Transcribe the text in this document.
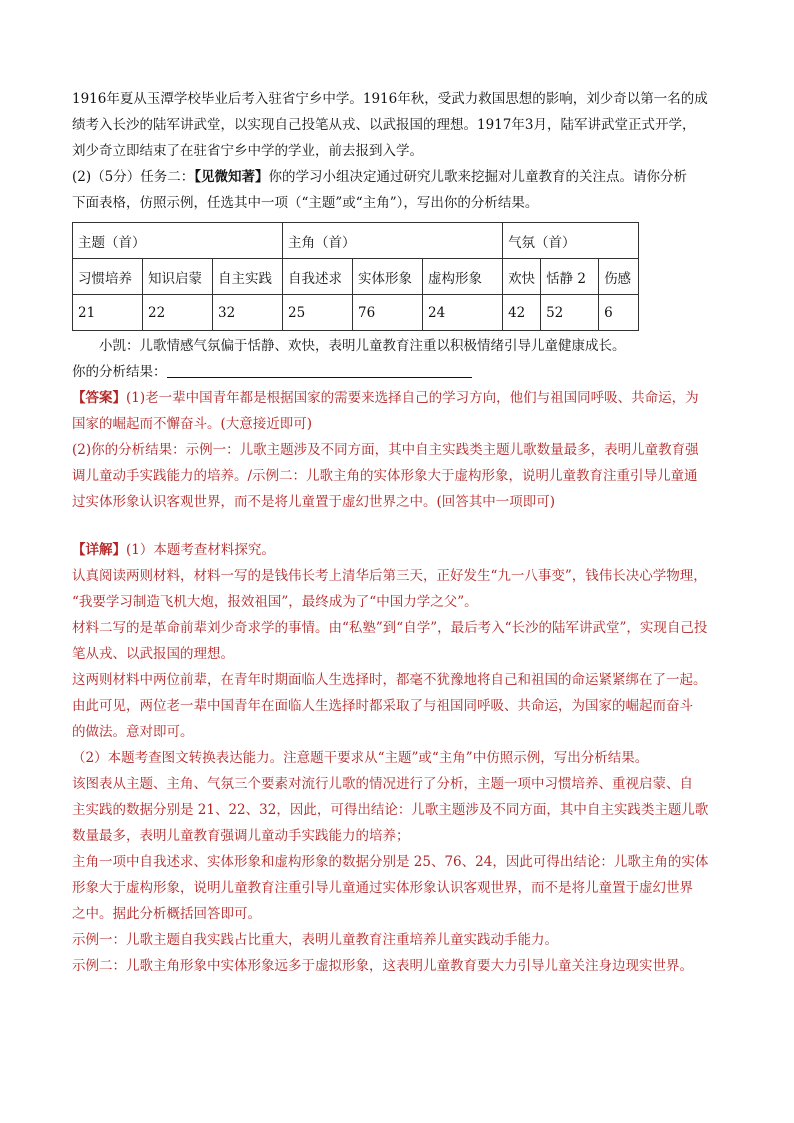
1916年夏从玉潭学校毕业后考入驻省宁乡中学。1916年秋，受武力救国思想的影响，刘少奇以第一名的成

绩考入长沙的陆军讲武堂，以实现自己投笔从戎、以武报国的理想。1917年3月，陆军讲武堂正式开学，

刘少奇立即结束了在驻省宁乡中学的学业，前去报到入学。

(2)（5分）任务二：【见微知著】你的学习小组决定通过研究儿歌来挖掘对儿童教育的关注点。请你分析

下面表格，仿照示例，任选其中一项（“主题”或“主角”），写出你的分析结果。

主题（首）			主角（首）			气氛（首）		
习惯培养	知识启蒙	自主实践	自我述求	实体形象	虚构形象	欢快	恬静 2	伤感
21	22	32	25	76	24	42	52	6

小凯：儿歌情感气氛偏于恬静、欢快，表明儿童教育注重以积极情绪引导儿童健康成长。

你的分析结果：

【答案】(1)老一辈中国青年都是根据国家的需要来选择自己的学习方向，他们与祖国同呼吸、共命运，为

国家的崛起而不懈奋斗。(大意接近即可)

(2)你的分析结果：示例一：儿歌主题涉及不同方面，其中自主实践类主题儿歌数量最多，表明儿童教育强

调儿童动手实践能力的培养。/示例二：儿歌主角的实体形象大于虚构形象，说明儿童教育注重引导儿童通

过实体形象认识客观世界，而不是将儿童置于虚幻世界之中。(回答其中一项即可)

【详解】(1）本题考查材料探究。

认真阅读两则材料，材料一写的是钱伟长考上清华后第三天，正好发生“九一八事变”，钱伟长决心学物理，

“我要学习制造飞机大炮，报效祖国”，最终成为了“中国力学之父”。

材料二写的是革命前辈刘少奇求学的事情。由“私塾”到“自学”，最后考入“长沙的陆军讲武堂”，实现自己投

笔从戎、以武报国的理想。

这两则材料中两位前辈，在青年时期面临人生选择时，都毫不犹豫地将自己和祖国的命运紧紧绑在了一起。

由此可见，两位老一辈中国青年在面临人生选择时都采取了与祖国同呼吸、共命运，为国家的崛起而奋斗

的做法。意对即可。

（2）本题考查图文转换表达能力。注意题干要求从“主题”或“主角”中仿照示例，写出分析结果。

该图表从主题、主角、气氛三个要素对流行儿歌的情况进行了分析，主题一项中习惯培养、重视启蒙、自

主实践的数据分别是 21、22、32，因此，可得出结论：儿歌主题涉及不同方面，其中自主实践类主题儿歌

数量最多，表明儿童教育强调儿童动手实践能力的培养；

主角一项中自我述求、实体形象和虚构形象的数据分别是 25、76、24，因此可得出结论：儿歌主角的实体

形象大于虚构形象，说明儿童教育注重引导儿童通过实体形象认识客观世界，而不是将儿童置于虚幻世界

之中。据此分析概括回答即可。

示例一：儿歌主题自我实践占比重大，表明儿童教育注重培养儿童实践动手能力。

示例二：儿歌主角形象中实体形象远多于虚拟形象，这表明儿童教育要大力引导儿童关注身边现实世界。
